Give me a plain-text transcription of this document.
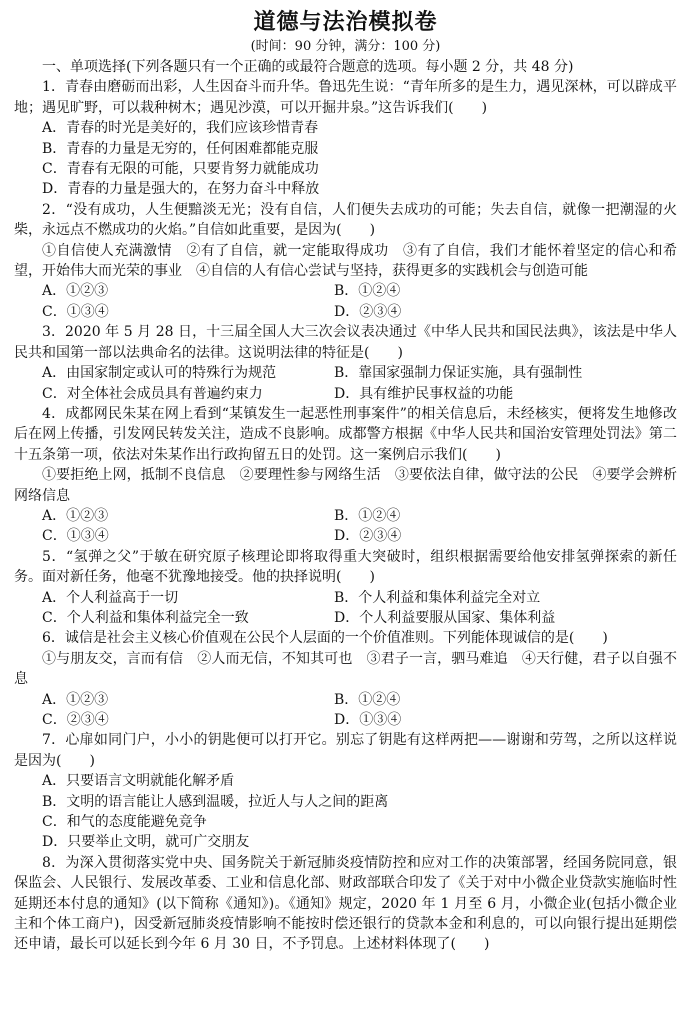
道德与法治模拟卷
(时间：90 分钟，满分：100 分)

一、单项选择(下列各题只有一个正确的或最符合题意的选项。每小题 2 分，共 48 分)

1．青春由磨砺而出彩，人生因奋斗而升华。鲁迅先生说：“青年所多的是生力，遇见深林，可以辟成平地；遇见旷野，可以栽种树木；遇见沙漠，可以开掘井泉。”这告诉我们(　　)

A．青春的时光是美好的，我们应该珍惜青春

B．青春的力量是无穷的，任何困难都能克服

C．青春有无限的可能，只要肯努力就能成功

D．青春的力量是强大的，在努力奋斗中释放

2．“没有成功，人生便黯淡无光；没有自信，人们便失去成功的可能；失去自信，就像一把潮湿的火柴，永远点不燃成功的火焰。”自信如此重要，是因为(　　)

①自信使人充满激情　②有了自信，就一定能取得成功　③有了自信，我们才能怀着坚定的信心和希望，开始伟大而光荣的事业　④自信的人有信心尝试与坚持，获得更多的实践机会与创造可能

A．①②③	B．①②④
C．①③④	D．②③④

3．2020 年 5 月 28 日，十三届全国人大三次会议表决通过《中华人民共和国民法典》，该法是中华人民共和国第一部以法典命名的法律。这说明法律的特征是(　　)

A．由国家制定或认可的特殊行为规范	B．靠国家强制力保证实施，具有强制性
C．对全体社会成员具有普遍约束力	D．具有维护民事权益的功能

4．成都网民朱某在网上看到“某镇发生一起恶性刑事案件”的相关信息后，未经核实，便将发生地修改后在网上传播，引发网民转发关注，造成不良影响。成都警方根据《中华人民共和国治安管理处罚法》第二十五条第一项，依法对朱某作出行政拘留五日的处罚。这一案例启示我们(　　)

①要拒绝上网，抵制不良信息　②要理性参与网络生活　③要依法自律，做守法的公民　④要学会辨析网络信息

A．①②③	B．①②④
C．①③④	D．②③④

5．“氢弹之父”于敏在研究原子核理论即将取得重大突破时，组织根据需要给他安排氢弹探索的新任务。面对新任务，他毫不犹豫地接受。他的抉择说明(　　)

A．个人利益高于一切	B．个人利益和集体利益完全对立
C．个人利益和集体利益完全一致	D．个人利益要服从国家、集体利益

6．诚信是社会主义核心价值观在公民个人层面的一个价值准则。下列能体现诚信的是(　　)

①与朋友交，言而有信　②人而无信，不知其可也　③君子一言，驷马难追　④天行健，君子以自强不息

A．①②③	B．①②④
C．②③④	D．①③④

7．心扉如同门户，小小的钥匙便可以打开它。别忘了钥匙有这样两把——谢谢和劳驾，之所以这样说是因为(　　)

A．只要语言文明就能化解矛盾

B．文明的语言能让人感到温暖，拉近人与人之间的距离

C．和气的态度能避免竞争

D．只要举止文明，就可广交朋友

8．为深入贯彻落实党中央、国务院关于新冠肺炎疫情防控和应对工作的决策部署，经国务院同意，银保监会、人民银行、发展改革委、工业和信息化部、财政部联合印发了《关于对中小微企业贷款实施临时性延期还本付息的通知》(以下简称《通知》)。《通知》规定，2020 年 1 月至 6 月，小微企业(包括小微企业主和个体工商户)，因受新冠肺炎疫情影响不能按时偿还银行的贷款本金和利息的，可以向银行提出延期偿还申请，最长可以延长到今年 6 月 30 日，不予罚息。上述材料体现了(　　)
